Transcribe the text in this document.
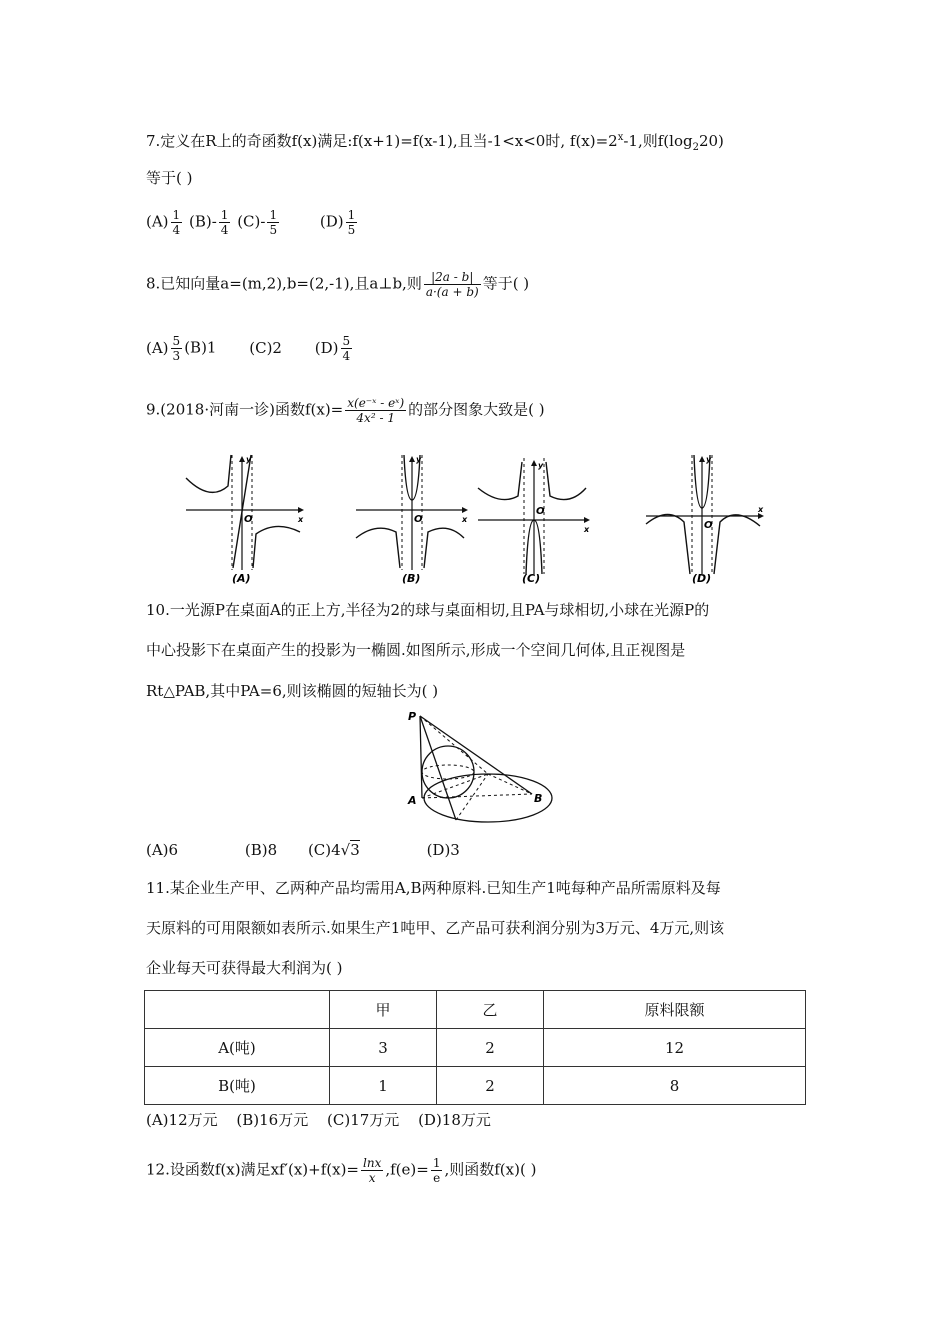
7.定义在R上的奇函数f(x)满足:f(x+1)=f(x-1),且当-1<x<0时, $f(x)=2^x-1$,则$f(\log_220)$
等于( )
$(A) \frac{1}{4} (B)- \frac{1}{4} (C)- \frac{1}{5}$	$(D) \frac{1}{5}$
8.已知向量a=(m,2),b=(2,-1),且a⊥b,则 $\frac{|2a - b|}{a\cdot(a + b)}$ 等于( )
$(A) \frac{5}{3} (B)1$ (C)2 $(D) \frac{5}{4}$
9.(2018·河南一诊)函数$f(x)= \frac{\text{x(e⁻ˣ - eˣ)}}{\text{4x² - 1}}$ 的部分图象大致是( )
x
y
O
(A)
x
y
O
(B)
x
y
O
(C)
x
y
O
(D)
10.一光源P在桌面A的正上方,半径为2的球与桌面相切,且PA与球相切,小球在光源P的
中心投影下在桌面产生的投影为一椭圆.如图所示,形成一个空间几何体,且正视图是
Rt△PAB,其中PA=6,则该椭圆的短轴长为( )
P
A	B
(A)6	(B)8 (C)4√3	(D)3
11.某企业生产甲、乙两种产品均需用A,B两种原料.已知生产1吨每种产品所需原料及每
天原料的可用限额如表所示.如果生产1吨甲、乙产品可获利润分别为3万元、4万元,则该
企业每天可获得最大利润为( )
	甲	乙	原料限额
A(吨)	3	2	12
B(吨)	1	2	8
(A)12万元 (B)16万元 (C)17万元 (D)18万元
12.设函数f(x)满足$xf'(x)+f(x)= \frac{\ln x}{x} ,f(e)= \frac{1}{e}$ ,则函数f(x)( )
